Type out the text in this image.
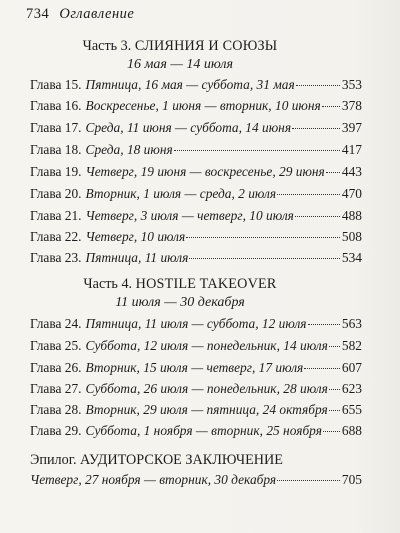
734 Оглавление
Часть 3. СЛИЯНИЯ И СОЮЗЫ
16 мая — 14 июля
Глава 15. Пятница, 16 мая — суббота, 31 мая	353
Глава 16. Воскресенье, 1 июня — вторник, 10 июня 378
Глава 17. Среда, 11 июня — суббота, 14 июня	397
Глава 18. Среда, 18 июня	417
Глава 19. Четверг, 19 июня — воскресенье, 29 июня 443
Глава 20. Вторник, 1 июля — среда, 2 июля	470
Глава 21. Четверг, 3 июля — четверг, 10 июля	488
Глава 22. Четверг, 10 июля	508
Глава 23. Пятница, 11 июля	534
Часть 4. HOSTILE TAKEOVER
11 июля — 30 декабря
Глава 24. Пятница, 11 июля — суббота, 12 июля	563
Глава 25. Суббота, 12 июля — понедельник, 14 июля 582
Глава 26. Вторник, 15 июля — четверг, 17 июля	607
Глава 27. Суббота, 26 июля — понедельник, 28 июля 623
Глава 28. Вторник, 29 июля — пятница, 24 октября 655
Глава 29. Суббота, 1 ноября — вторник, 25 ноября 688
Эпилог. АУДИТОРСКОЕ ЗАКЛЮЧЕНИЕ
Четверг, 27 ноября — вторник, 30 декабря	705
